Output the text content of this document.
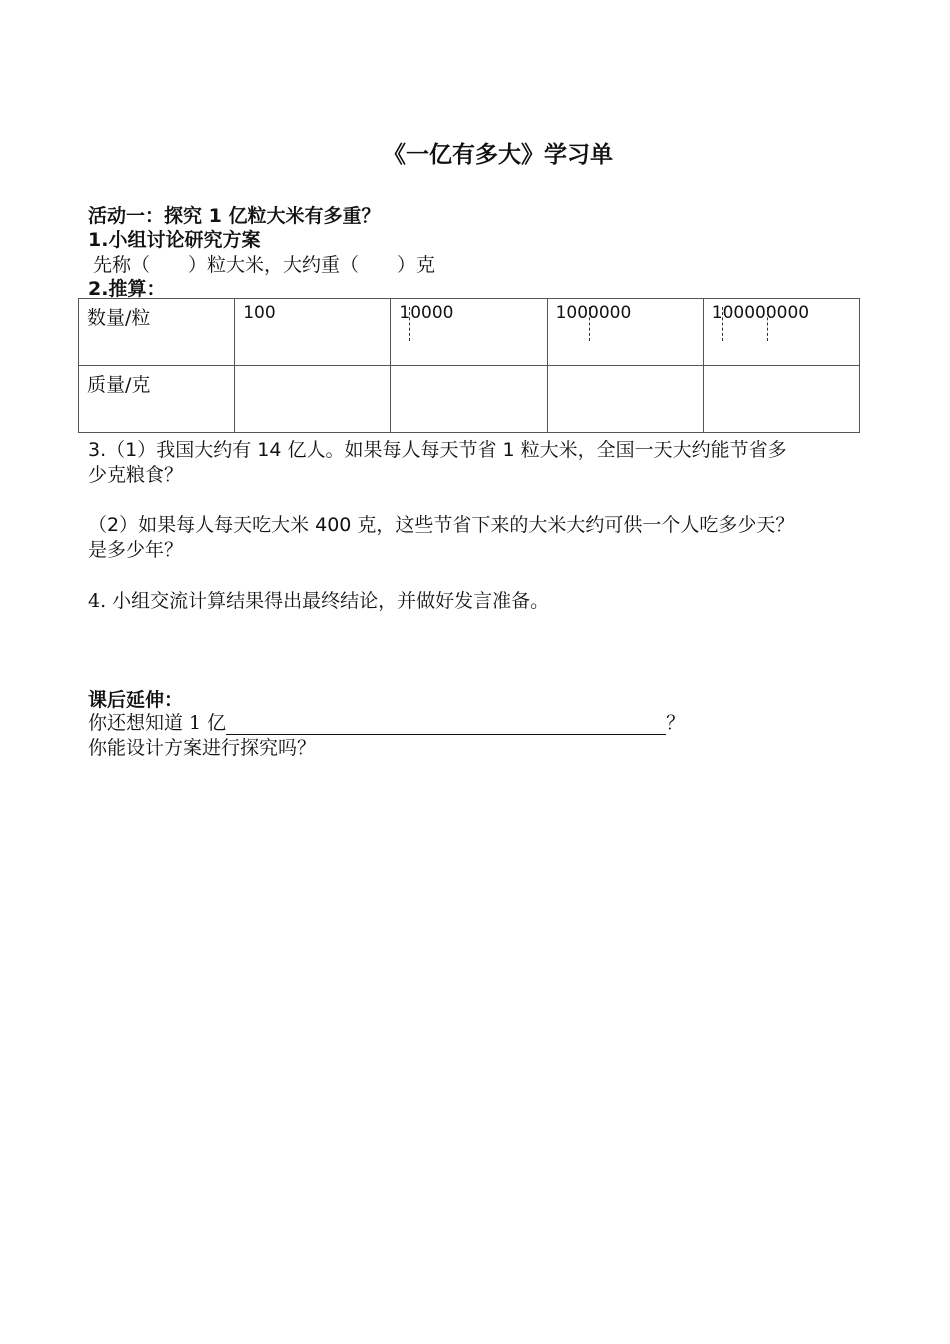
《一亿有多大》学习单
活动一：探究 1 亿粒大米有多重？
1.小组讨论研究方案
先称（　　）粒大米，大约重（　　）克
2.推算：
数量/粒	100	10000	1000000	100000000

质量/克				
3.（1）我国大约有 14 亿人。如果每人每天节省 1 粒大米，全国一天大约能节省多
少克粮食？
（2）如果每人每天吃大米 400 克，这些节省下来的大米大约可供一个人吃多少天？
是多少年？
4. 小组交流计算结果得出最终结论，并做好发言准备。
课后延伸：
你还想知道 1 亿	？
你能设计方案进行探究吗？
